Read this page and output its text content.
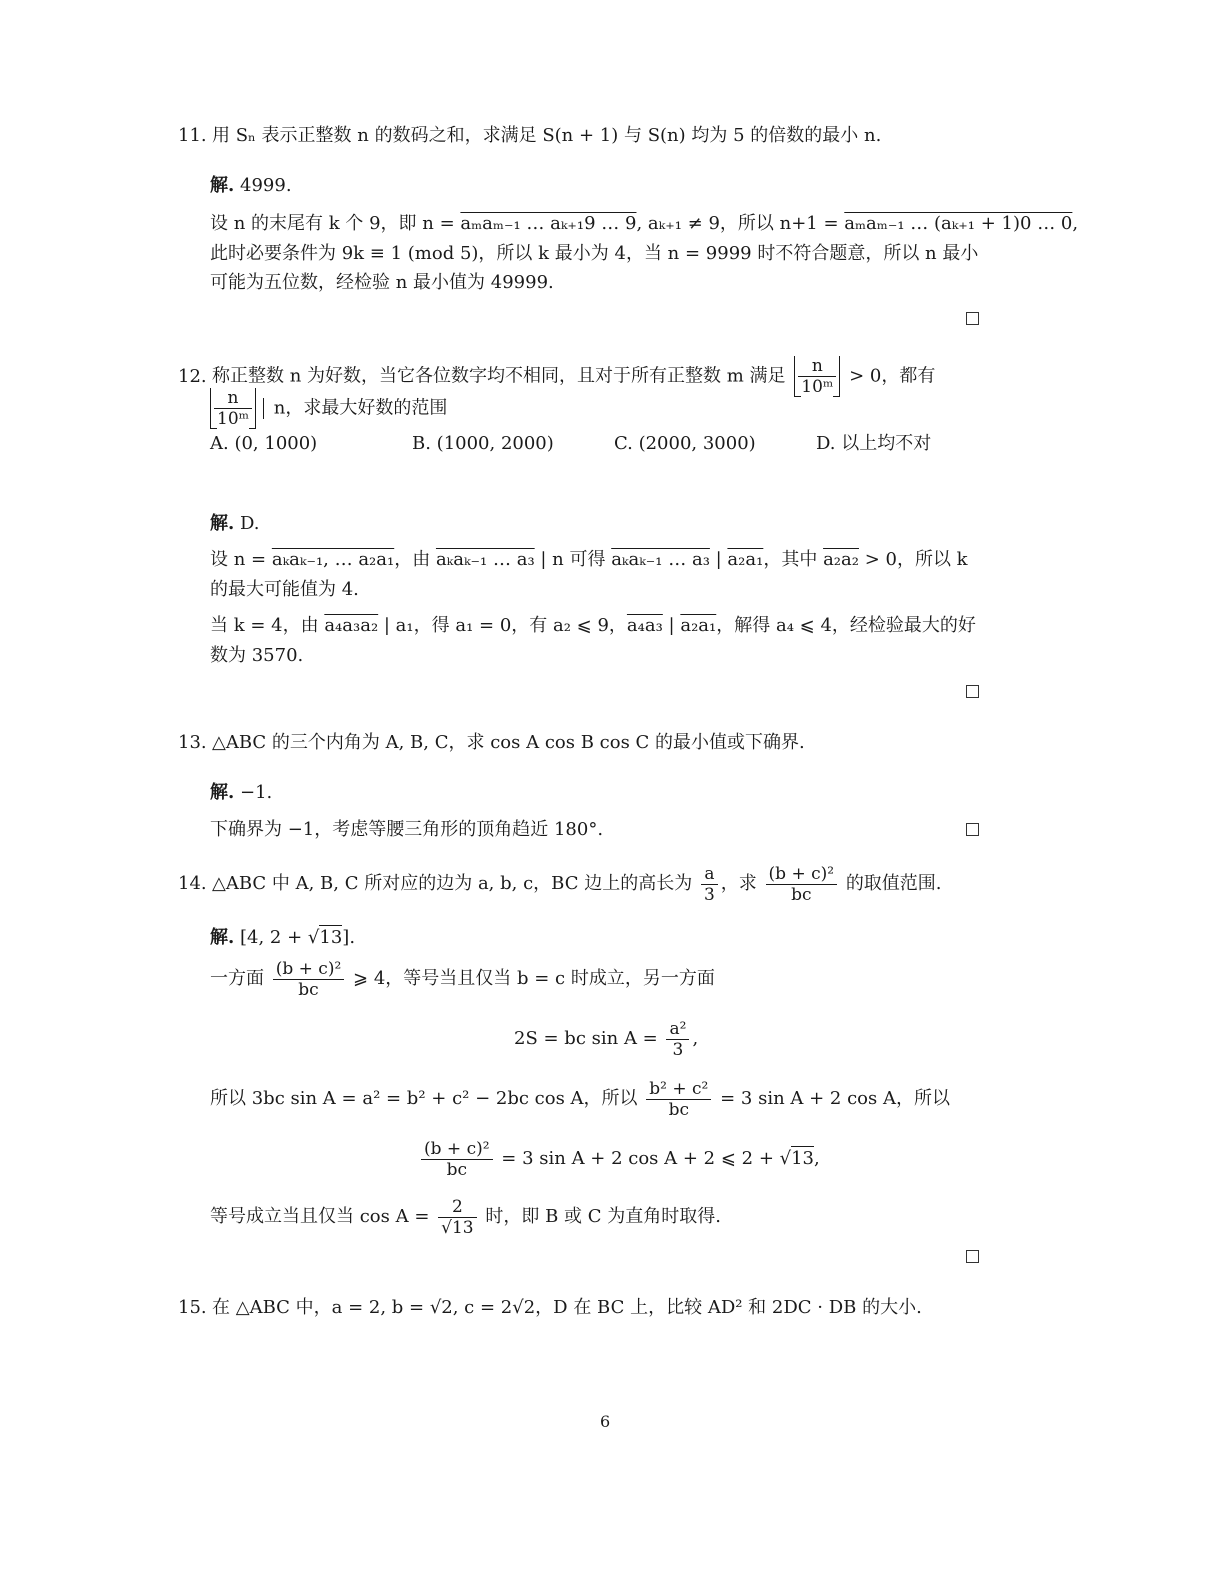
11. 用 Sₙ 表示正整数 n 的数码之和，求满足 S(n + 1) 与 S(n) 均为 5 的倍数的最小 n.
解. 4999.
设 n 的末尾有 k 个 9，即 n = aₘaₘ₋₁ … aₖ₊₁9 … 9, aₖ₊₁ ≠ 9，所以 n+1 = aₘaₘ₋₁ … (aₖ₊₁ + 1)0 … 0,
此时必要条件为 9k ≡ 1 (mod 5)，所以 k 最小为 4，当 n = 9999 时不符合题意，所以 n 最小
可能为五位数，经检验 n 最小值为 49999.
12. 称正整数 n 为好数，当它各位数字均不相同，且对于所有正整数 m 满足 $\frac{n}{\text{10ᵐ}} > 0$，都有
$\frac{n}{\text{10ᵐ}}$ n，求最大好数的范围
A. (0, 1000)	B. (1000, 2000)	C. (2000, 3000)	D. 以上均不对
解. D.
设 n = aₖaₖ₋₁, … a₂a₁，由 aₖaₖ₋₁ … a₃ | n 可得 aₖaₖ₋₁ … a₃ | a₂a₁，其中 a₂a₂ > 0，所以 k
的最大可能值为 4.
当 k = 4，由 a₄a₃a₂ | a₁，得 a₁ = 0，有 a₂ ⩽ 9，a₄a₃ | a₂a₁，解得 a₄ ⩽ 4，经检验最大的好
数为 3570.
13. △ABC 的三个内角为 A, B, C，求 cos A cos B cos C 的最小值或下确界.
解. −1.
下确界为 −1，考虑等腰三角形的顶角趋近 180°.
14. △ABC 中 A, B, C 所对应的边为 a, b, c，BC 边上的高长为 $\frac{a}{3}$ ，求 $\frac{\text{(b + c)²}}{bc}$ 的取值范围.
解. [4, 2 + √13].
一方面 $\frac{\text{(b + c)²}}{bc}$ ⩾ 4，等号当且仅当 b = c 时成立，另一方面
2S = bc $\sin A = \frac{\text{a²}}{3}$ ,
所以 3bc sin A = a² = b² + c² − 2bc cos A，所以 $\frac{\text{b² + c²}}{bc} = 3$ sin A + 2 cos A，所以
$\frac{\text{(b + c)²}}{bc} = 3$ sin A + 2 cos A + 2 ⩽ 2 + √13,
等号成立当且仅当 $\cos A = \frac{2}{√13}$ 时，即 B 或 C 为直角时取得.
15. 在 △ABC 中，a = 2, b = √2, c = 2√2，D 在 BC 上，比较 AD² 和 2DC · DB 的大小.
6
